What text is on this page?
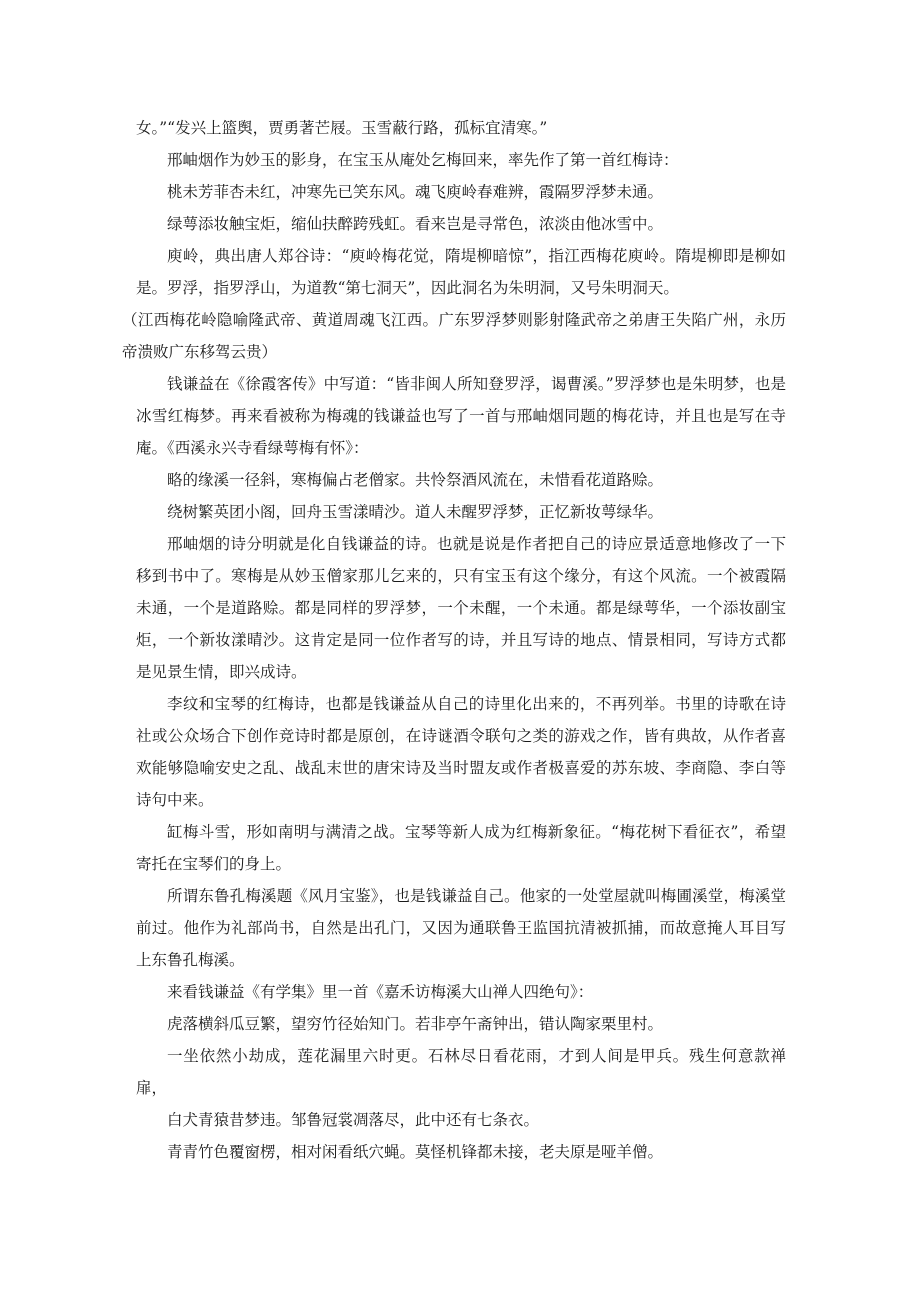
女。”“发兴上篮舆，贾勇著芒屐。玉雪蔽行路，孤标宜清寒。”

邢岫烟作为妙玉的影身，在宝玉从庵处乞梅回来，率先作了第一首红梅诗：

桃未芳菲杏未红，冲寒先已笑东风。魂飞庾岭春难辨，霞隔罗浮梦未通。

绿萼添妆触宝炬，缩仙扶醉跨残虹。看来岂是寻常色，浓淡由他冰雪中。

庾岭，典出唐人郑谷诗：“庾岭梅花觉，隋堤柳暗惊”，指江西梅花庾岭。隋堤柳即是柳如是。罗浮，指罗浮山，为道教“第七洞天”，因此洞名为朱明洞，又号朱明洞天。

（江西梅花岭隐喻隆武帝、黄道周魂飞江西。广东罗浮梦则影射隆武帝之弟唐王失陷广州，永历帝溃败广东移驾云贵）

钱谦益在《徐霞客传》中写道：“皆非闽人所知登罗浮，谒曹溪。”罗浮梦也是朱明梦，也是冰雪红梅梦。再来看被称为梅魂的钱谦益也写了一首与邢岫烟同题的梅花诗，并且也是写在寺庵。《西溪永兴寺看绿萼梅有怀》：

略的缘溪一径斜，寒梅偏占老僧家。共怜祭酒风流在，未惜看花道路赊。

绕树繁英团小阁，回舟玉雪漾晴沙。道人未醒罗浮梦，正忆新妆萼绿华。

邢岫烟的诗分明就是化自钱谦益的诗。也就是说是作者把自己的诗应景适意地修改了一下移到书中了。寒梅是从妙玉僧家那儿乞来的，只有宝玉有这个缘分，有这个风流。一个被霞隔未通，一个是道路赊。都是同样的罗浮梦，一个未醒，一个未通。都是绿萼华，一个添妆副宝炬，一个新妆漾晴沙。这肯定是同一位作者写的诗，并且写诗的地点、情景相同，写诗方式都是见景生情，即兴成诗。

李纹和宝琴的红梅诗，也都是钱谦益从自己的诗里化出来的，不再列举。书里的诗歌在诗社或公众场合下创作竞诗时都是原创，在诗谜酒令联句之类的游戏之作，皆有典故，从作者喜欢能够隐喻安史之乱、战乱末世的唐宋诗及当时盟友或作者极喜爱的苏东坡、李商隐、李白等诗句中来。

缸梅斗雪，形如南明与满清之战。宝琴等新人成为红梅新象征。“梅花树下看征衣”，希望寄托在宝琴们的身上。

所谓东鲁孔梅溪题《风月宝鉴》，也是钱谦益自己。他家的一处堂屋就叫梅圃溪堂，梅溪堂前过。他作为礼部尚书，自然是出孔门，又因为通联鲁王监国抗清被抓捕，而故意掩人耳目写上东鲁孔梅溪。

来看钱谦益《有学集》里一首《嘉禾访梅溪大山禅人四绝句》：

虎落横斜瓜豆繁，望穷竹径始知门。若非亭午斋钟出，错认陶家栗里村。

一坐依然小劫成，莲花漏里六时更。石林尽日看花雨，才到人间是甲兵。残生何意款禅扉，

白犬青猿昔梦违。邹鲁冠裳凋落尽，此中还有七条衣。

青青竹色覆窗楞，相对闲看纸穴蝇。莫怪机锋都未接，老夫原是哑羊僧。
